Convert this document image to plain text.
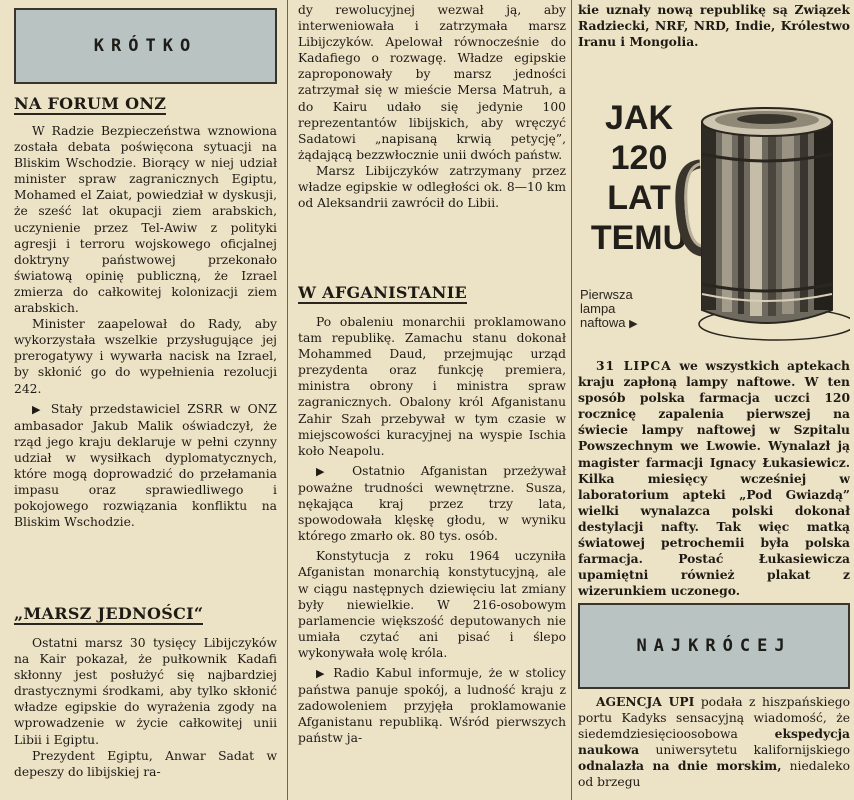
KRÓTKO
NA FORUM ONZ

W Radzie Bezpieczeństwa wznowiona została debata poświęcona sytuacji na Bliskim Wschodzie. Biorący w niej udział minister spraw zagranicznych Egiptu, Mohamed el Zaiat, powiedział w dyskusji, że sześć lat okupacji ziem arabskich, uczynienie przez Tel-Awiw z polityki agresji i terroru wojskowego oficjalnej doktryny państwowej przekonało światową opinię publiczną, że Izrael zmierza do całkowitej kolonizacji ziem arabskich.

Minister zaapelował do Rady, aby wykorzystała wszelkie przysługujące jej prerogatywy i wywarła nacisk na Izrael, by skłonić go do wypełnienia rezolucji 242.

▶ Stały przedstawiciel ZSRR w ONZ ambasador Jakub Malik oświadczył, że rząd jego kraju deklaruje w pełni czynny udział w wysiłkach dyplomatycznych, które mogą doprowadzić do przełamania impasu oraz sprawiedliwego i pokojowego rozwiązania konfliktu na Bliskim Wschodzie.

„MARSZ JEDNOŚCI“

Ostatni marsz 30 tysięcy Libijczyków na Kair pokazał, że pułkownik Kadafi skłonny jest posłużyć się najbardziej drastycznymi środkami, aby tylko skłonić władze egipskie do wyrażenia zgody na wprowadzenie w życie całkowitej unii Libii i Egiptu.

Prezydent Egiptu, Anwar Sadat w depeszy do libijskiej ra-

dy rewolucyjnej wezwał ją, aby interweniowała i zatrzymała marsz Libijczyków. Apelował równocześnie do Kadafiego o rozwagę. Władze egipskie zaproponowały by marsz jedności zatrzymał się w mieście Mersa Matruh, a do Kairu udało się jedynie 100 reprezentantów libijskich, aby wręczyć Sadatowi „napisaną krwią petycję”, żądającą bezzwłocznie unii dwóch państw.

Marsz Libijczyków zatrzymany przez władze egipskie w odległości ok. 8—10 km od Aleksandrii zawrócił do Libii.

W AFGANISTANIE

Po obaleniu monarchii proklamowano tam republikę. Zamachu stanu dokonał Mohammed Daud, przejmując urząd prezydenta oraz funkcję premiera, ministra obrony i ministra spraw zagranicznych. Obalony król Afganistanu Zahir Szah przebywał w tym czasie w miejscowości kuracyjnej na wyspie Ischia koło Neapolu.

▶ Ostatnio Afganistan przeżywał poważne trudności wewnętrzne. Susza, nękająca kraj przez trzy lata, spowodowała klęskę głodu, w wyniku którego zmarło ok. 80 tys. osób.

Konstytucja z roku 1964 uczyniła Afganistan monarchią konstytucyjną, ale w ciągu następnych dziewięciu lat zmiany były niewielkie. W 216-osobowym parlamencie większość deputowanych nie umiała czytać ani pisać i ślepo wykonywała wolę króla.

▶ Radio Kabul informuje, że w stolicy państwa panuje spokój, a ludność kraju z zadowoleniem przyjęła proklamowanie Afganistanu republiką. Wśród pierwszych państw ja-

kie uznały nową republikę są Związek Radziecki, NRF, NRD, Indie, Królestwo Iranu i Mongolia.

JAK
120
LAT
TEMU
Pierwsza
lampa
naftowa ▶

31 LIPCA we wszystkich aptekach kraju zapłoną lampy naftowe. W ten sposób polska farmacja uczci 120 rocznicę zapalenia pierwszej na świecie lampy naftowej w Szpitalu Powszechnym we Lwowie. Wynalazł ją magister farmacji Ignacy Łukasiewicz. Kilka miesięcy wcześniej w laboratorium apteki „Pod Gwiazdą” wielki wynalazca polski dokonał destylacji nafty. Tak więc matką światowej petrochemii była polska farmacja. Postać Łukasiewicza upamiętni również plakat z wizerunkiem uczonego.

NAJKRÓCEJ

AGENCJA UPI podała z hiszpańskiego portu Kadyks sensacyjną wiadomość, że siedemdziesięcioosobowa	ekspedycja naukowa uniwersytetu kalifornijskiego odnalazła na dnie morskim, niedaleko od brzegu
